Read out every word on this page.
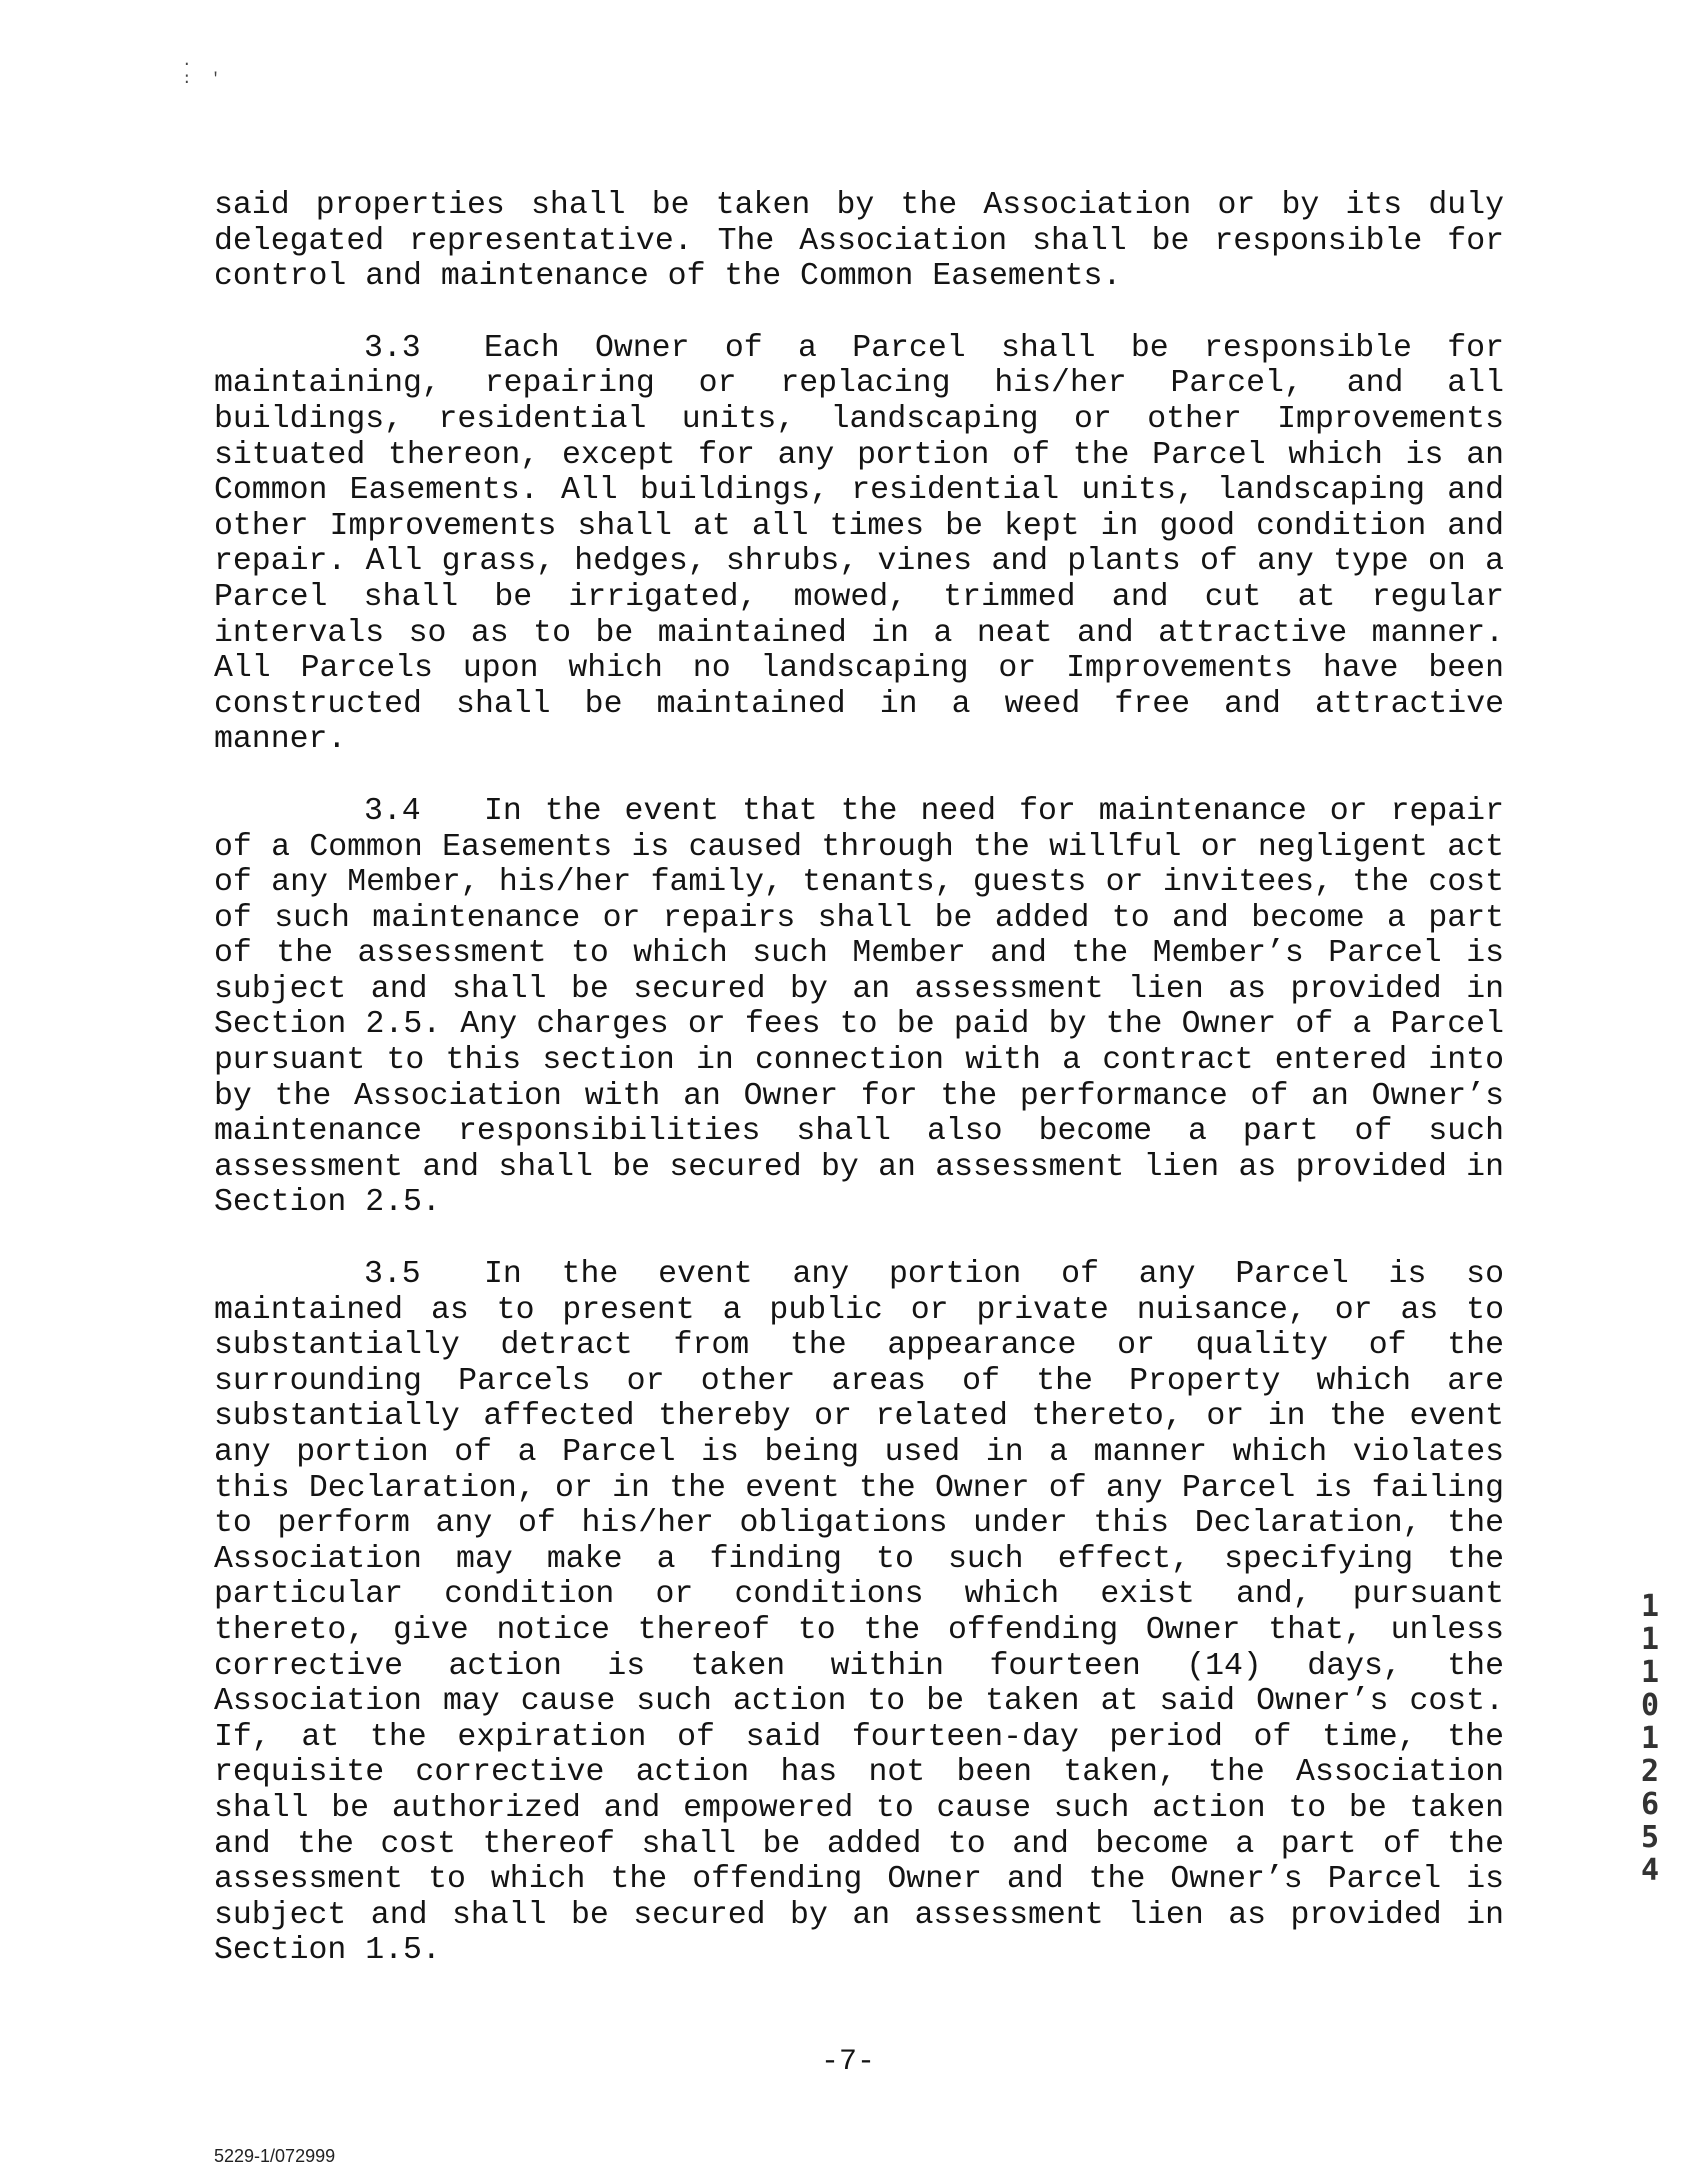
.
:  '

said properties shall be taken by the Association or by its duly delegated representative. The Association shall be responsible for control and maintenance of the Common Easements.

3.3 Each Owner of a Parcel shall be responsible for maintaining, repairing or replacing his/her Parcel, and all buildings, residential units, landscaping or other Improvements situated thereon, except for any portion of the Parcel which is an Common Easements. All buildings, residential units, landscaping and other Improvements shall at all times be kept in good condition and repair. All grass, hedges, shrubs, vines and plants of any type on a Parcel shall be irrigated, mowed, trimmed and cut at regular intervals so as to be maintained in a neat and attractive manner. All Parcels upon which no landscaping or Improvements have been constructed shall be maintained in a weed free and attractive manner.

3.4 In the event that the need for maintenance or repair of a Common Easements is caused through the willful or negligent act of any Member, his/her family, tenants, guests or invitees, the cost of such maintenance or repairs shall be added to and become a part of the assessment to which such Member and the Member’s Parcel is subject and shall be secured by an assessment lien as provided in Section 2.5. Any charges or fees to be paid by the Owner of a Parcel pursuant to this section in connection with a contract entered into by the Association with an Owner for the performance of an Owner’s maintenance responsibilities shall also become a part of such assessment and shall be secured by an assessment lien as provided in Section 2.5.

3.5 In the event any portion of any Parcel is so maintained as to present a public or private nuisance, or as to substantially detract from the appearance or quality of the surrounding Parcels or other areas of the Property which are substantially affected thereby or related thereto, or in the event any portion of a Parcel is being used in a manner which violates this Declaration, or in the event the Owner of any Parcel is failing to perform any of his/her obligations under this Declaration, the Association may make a finding to such effect, specifying the particular condition or conditions which exist and, pursuant thereto, give notice thereof to the offending Owner that, unless corrective action is taken within fourteen (14) days, the Association may cause such action to be taken at said Owner’s cost. If, at the expiration of said fourteen-day period of time, the requisite corrective action has not been taken, the Association shall be authorized and empowered to cause such action to be taken and the cost thereof shall be added to and become a part of the assessment to which the offending Owner and the Owner’s Parcel is subject and shall be secured by an assessment lien as provided in Section 1.5.

-7-
5229-1/072999
1
1
1
0
1
2
6
5
4
